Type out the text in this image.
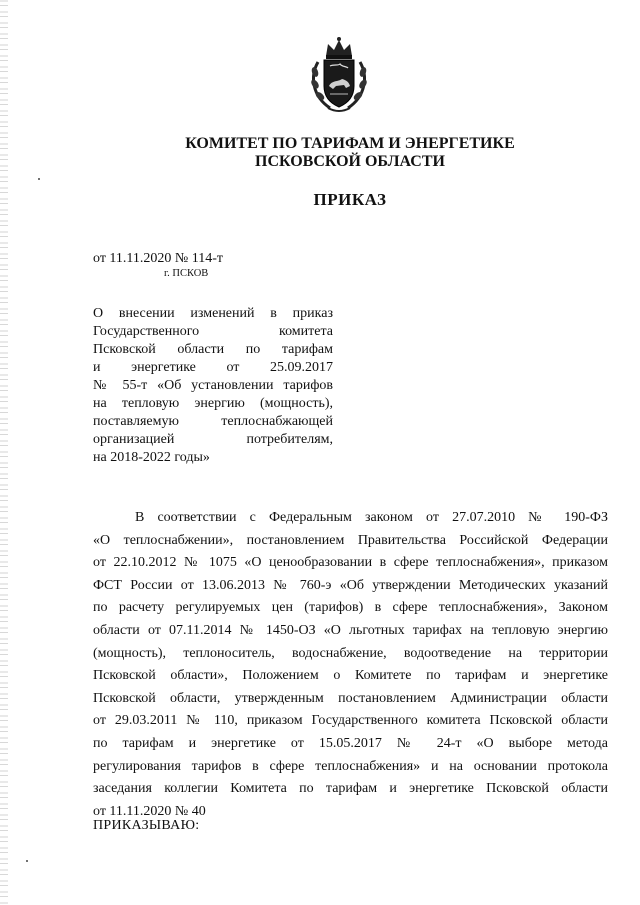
КОМИТЕТ ПО ТАРИФАМ И ЭНЕРГЕТИКЕ
ПСКОВСКОЙ ОБЛАСТИ
ПРИКАЗ
от 11.11.2020 № 114-т
г. ПСКОВ
О внесении изменений в приказ
Государственного комитета
Псковской области по тарифам
и энергетике от 25.09.2017
№ 55-т «Об установлении тарифов
на тепловую энергию (мощность),
поставляемую теплоснабжающей
организацией потребителям,
на 2018-2022 годы»
В соответствии с Федеральным законом от 27.07.2010 № 190-ФЗ
«О теплоснабжении», постановлением Правительства Российской Федерации
от 22.10.2012 № 1075 «О ценообразовании в сфере теплоснабжения», приказом
ФСТ России от 13.06.2013 № 760-э «Об утверждении Методических указаний
по расчету регулируемых цен (тарифов) в сфере теплоснабжения», Законом
области от 07.11.2014 № 1450-ОЗ «О льготных тарифах на тепловую энергию
(мощность), теплоноситель, водоснабжение, водоотведение на территории
Псковской области», Положением о Комитете по тарифам и энергетике
Псковской области, утвержденным постановлением Администрации области
от 29.03.2011 № 110, приказом Государственного комитета Псковской области
по тарифам и энергетике от 15.05.2017 № 24-т «О выборе метода
регулирования тарифов в сфере теплоснабжения» и на основании протокола
заседания коллегии Комитета по тарифам и энергетике Псковской области
от 11.11.2020 № 40
ПРИКАЗЫВАЮ:
